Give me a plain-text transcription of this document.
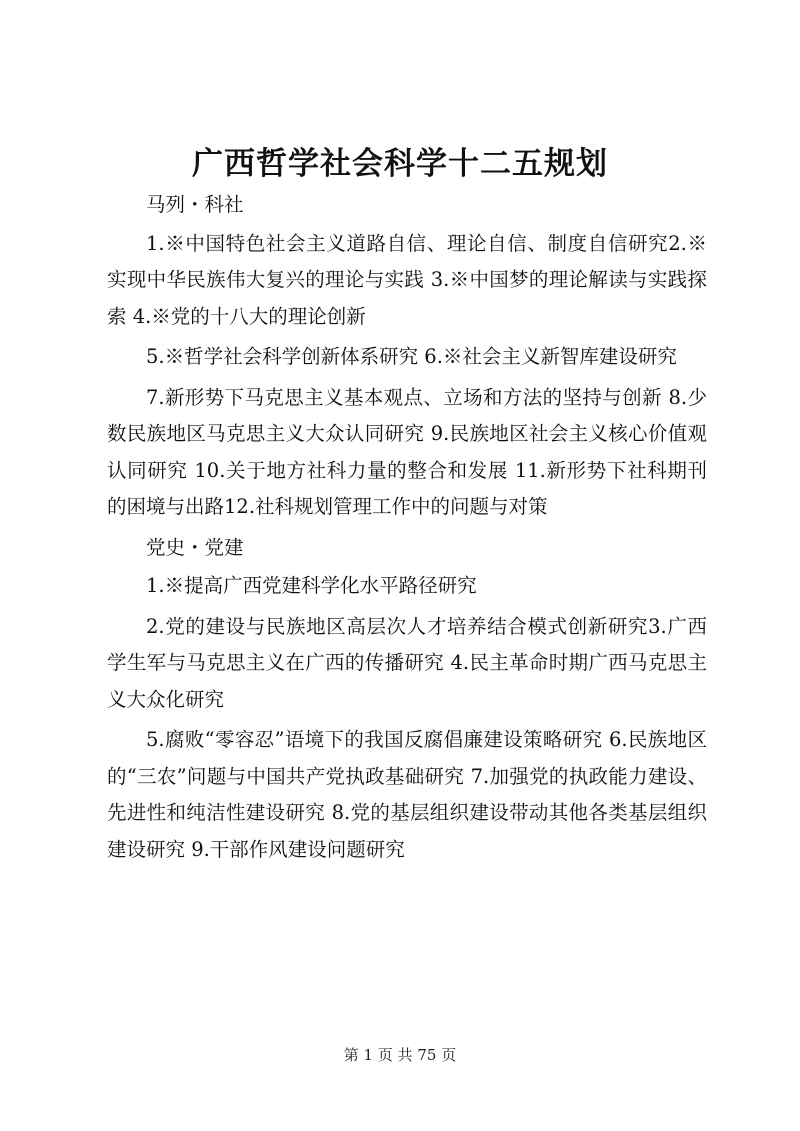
广西哲学社会科学十二五规划

马列・科社

1.※中国特色社会主义道路自信、理论自信、制度自信研究2.※实现中华民族伟大复兴的理论与实践 3.※中国梦的理论解读与实践探索 4.※党的十八大的理论创新

5.※哲学社会科学创新体系研究 6.※社会主义新智库建设研究

7.新形势下马克思主义基本观点、立场和方法的坚持与创新 8.少数民族地区马克思主义大众认同研究 9.民族地区社会主义核心价值观认同研究 10.关于地方社科力量的整合和发展 11.新形势下社科期刊的困境与出路12.社科规划管理工作中的问题与对策

党史・党建

1.※提高广西党建科学化水平路径研究

2.党的建设与民族地区高层次人才培养结合模式创新研究3.广西学生军与马克思主义在广西的传播研究 4.民主革命时期广西马克思主义大众化研究

5.腐败“零容忍”语境下的我国反腐倡廉建设策略研究 6.民族地区的“三农”问题与中国共产党执政基础研究 7.加强党的执政能力建设、先进性和纯洁性建设研究 8.党的基层组织建设带动其他各类基层组织建设研究 9.干部作风建设问题研究

第 1 页 共 75 页
